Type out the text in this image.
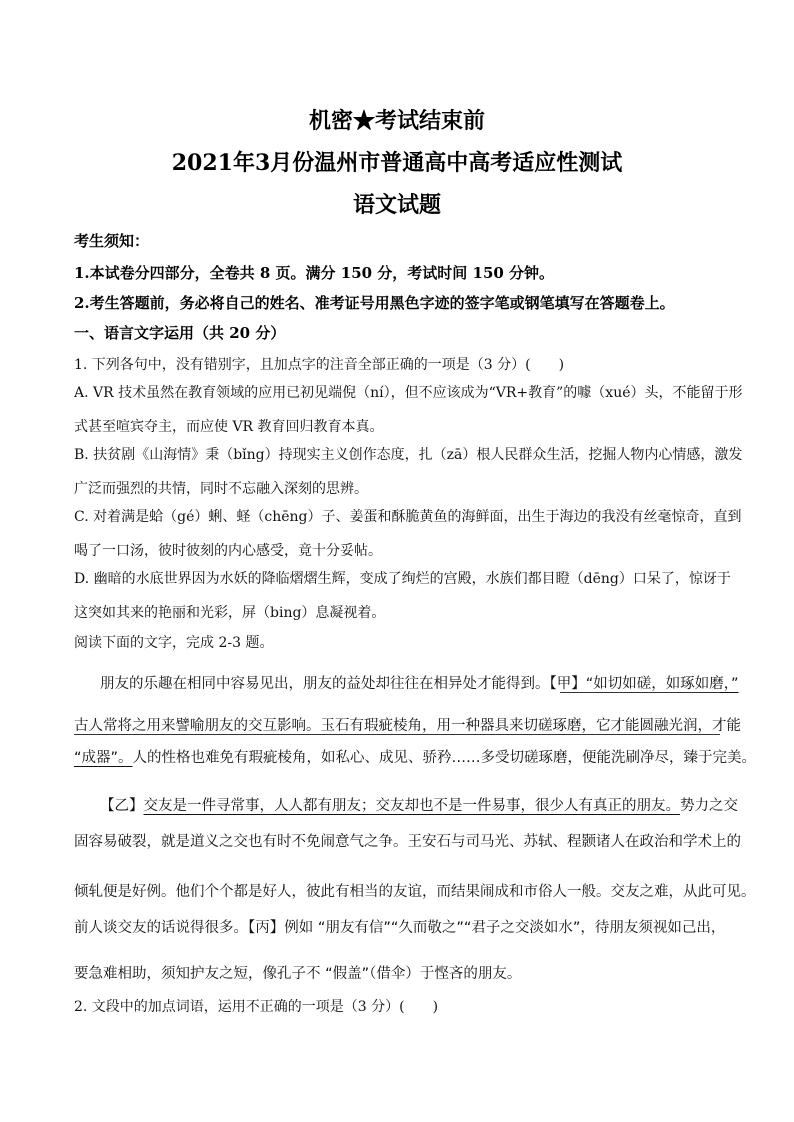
机密★考试结束前
2021年3月份温州市普通高中高考适应性测试
语文试题
考生须知：
1.本试卷分四部分，全卷共 8 页。满分 150 分，考试时间 150 分钟。
2.考生答题前，务必将自己的姓名、准考证号用黑色字迹的签字笔或钢笔填写在答题卷上。
一、语言文字运用（共 20 分）
1. 下列各句中，没有错别字，且加点字的注音全部正确的一项是（3 分）(　　)
A. VR 技术虽然在教育领域的应用已初见端倪（ní），但不应该成为“VR+教育”的噱（xué）头，不能留于形
式甚至喧宾夺主，而应使 VR 教育回归教育本真。
B. 扶贫剧《山海情》秉（bǐng）持现实主义创作态度，扎（zā）根人民群众生活，挖掘人物内心情感，激发
广泛而强烈的共情，同时不忘融入深刻的思辨。
C. 对着满是蛤（gé）蜊、蛏（chēng）子、姜蛋和酥脆黄鱼的海鲜面，出生于海边的我没有丝毫惊奇，直到
喝了一口汤，彼时彼刻的内心感受，竟十分妥帖。
D. 幽暗的水底世界因为水妖的降临熠熠生辉，变成了绚烂的宫殿，水族们都目瞪（dēng）口呆了，惊讶于
这突如其来的艳丽和光彩，屏（bing）息凝视着。
阅读下面的文字，完成 2-3 题。
朋友的乐趣在相同中容易见出，朋友的益处却往往在相异处才能得到。【甲】“如切如磋，如琢如磨，”
古人常将之用来譬喻朋友的交互影响。玉石有瑕疵棱角，用一种器具来切磋琢磨，它才能圆融光润，才能
“成器”。人的性格也难免有瑕疵棱角，如私心、成见、骄矜……多受切磋琢磨，便能洗刷净尽，臻于完美。
【乙】交友是一件寻常事，人人都有朋友；交友却也不是一件易事，很少人有真正的朋友。势力之交
固容易破裂，就是道义之交也有时不免闹意气之争。王安石与司马光、苏轼、程颢诸人在政治和学术上的
倾轧便是好例。他们个个都是好人，彼此有相当的友谊，而结果闹成和市俗人一般。交友之难，从此可见。
前人谈交友的话说得很多。【丙】例如 “朋友有信”“久而敬之”“君子之交淡如水”，待朋友须视如己出，
要急难相助，须知护友之短，像孔子不 “假盖”（借伞）于悭吝的朋友。
2. 文段中的加点词语，运用不正确的一项是（3 分）(　　)
